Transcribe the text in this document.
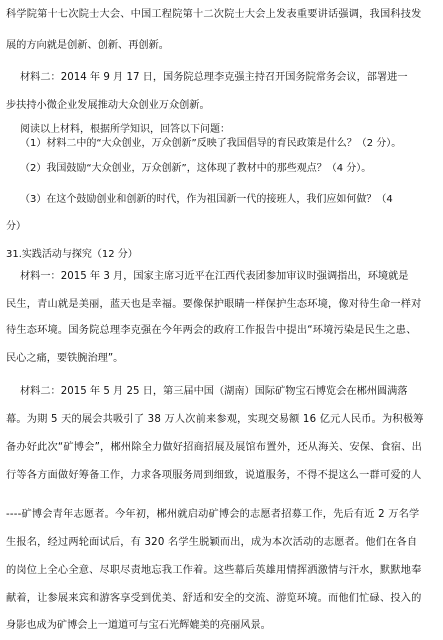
科学院第十七次院士大会、中国工程院第十二次院士大会上发表重要讲话强调，我国科技发
展的方向就是创新、创新、再创新。
材料二：2014 年 9 月 17 日，国务院总理李克强主持召开国务院常务会议，部署进一
步扶持小微企业发展推动大众创业万众创新。
阅读以上材料，根据所学知识，回答以下问题：
（1）材料二中的“大众创业，万众创新”反映了我国倡导的育民政策是什么？（2 分）。
（2）我国鼓励“大众创业，万众创新”，这体现了教材中的那些观点？（4 分）。
（3）在这个鼓励创业和创新的时代，作为祖国新一代的接班人，我们应如何做？（4
分）
31.实践活动与探究（12 分）
材料一：2015 年 3 月，国家主席习近平在江西代表团参加审议时强调指出，环境就是
民生，青山就是美丽，蓝天也是幸福。要像保护眼睛一样保护生态环境，像对待生命一样对
待生态环境。国务院总理李克强在今年两会的政府工作报告中提出“环境污染是民生之患、
民心之痛，要铁腕治理”。
材料二：2015 年 5 月 25 日，第三届中国（湖南）国际矿物宝石博览会在郴州圆满落
幕。为期 5 天的展会共吸引了 38 万人次前来参观，实现交易额 16 亿元人民币。为积极筹
备办好此次“矿博会”，郴州除全力做好招商招展及展馆布置外，还从海关、安保、食宿、出
行等各方面做好筹备工作，力求各项服务周到细致，说道服务，不得不提这么一群可爱的人
----矿博会青年志愿者。今年初，郴州就启动矿博会的志愿者招募工作，先后有近 2 万名学
生报名，经过两轮面试后，有 320 名学生脱颖而出，成为本次活动的志愿者。他们在各自
的岗位上全心全意、尽职尽责地忘我工作着。这些幕后英雄用情挥洒激情与汗水，默默地奉
献着，让参展来宾和游客享受到优美、舒适和安全的交流、游览环境。而他们忙碌、投入的
身影也成为矿博会上一道道可与宝石光辉媲美的亮丽风景。
